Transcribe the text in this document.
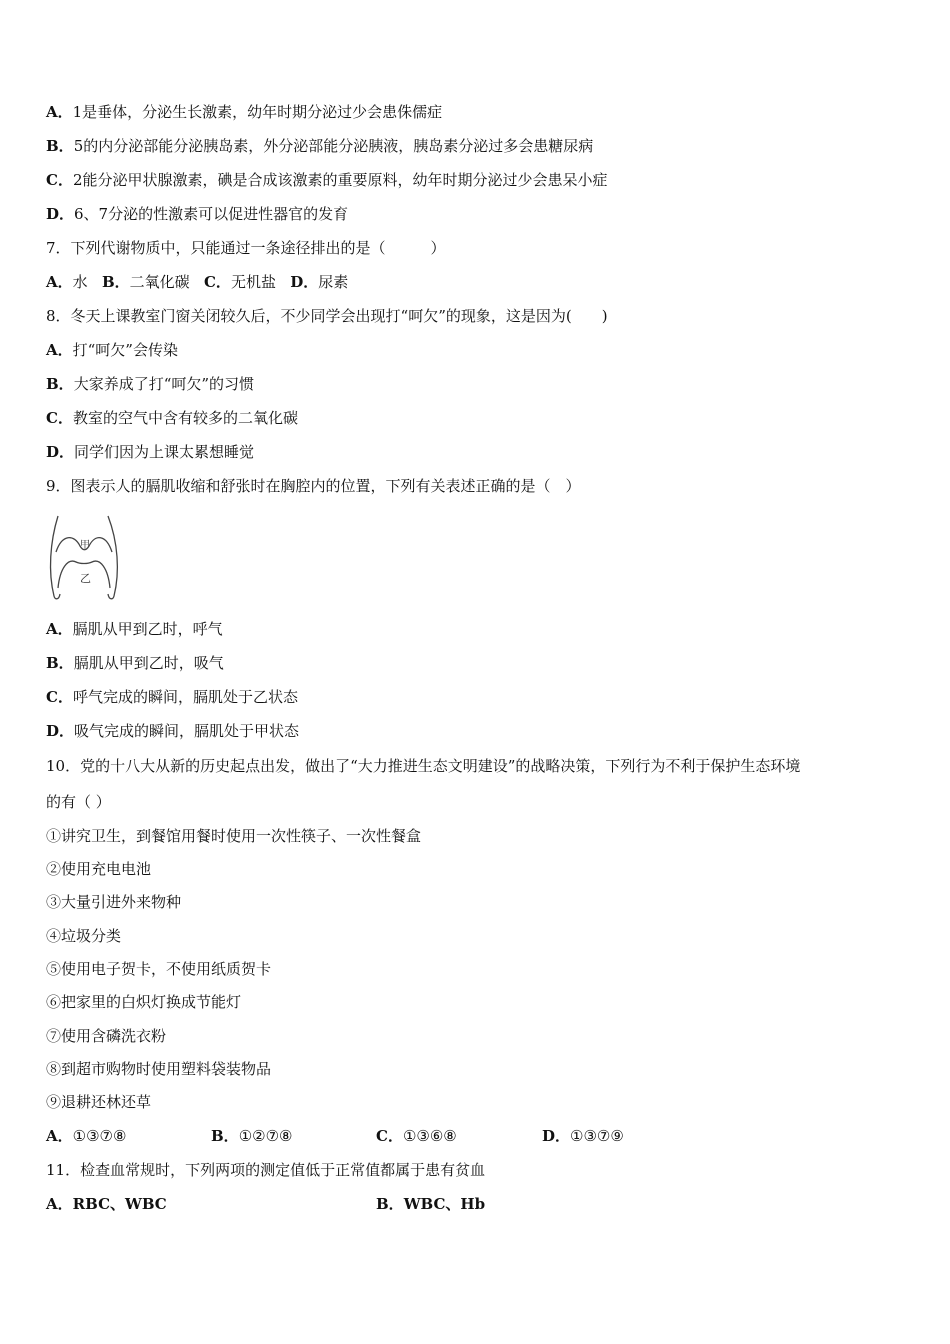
A．1是垂体，分泌生长激素，幼年时期分泌过少会患侏儒症
B．5的内分泌部能分泌胰岛素，外分泌部能分泌胰液，胰岛素分泌过多会患糖尿病
C．2能分泌甲状腺激素，碘是合成该激素的重要原料，幼年时期分泌过少会患呆小症
D．6、7分泌的性激素可以促进性器官的发育
7．下列代谢物质中，只能通过一条途径排出的是（　　　）
A．水 B．二氧化碳 C．无机盐 D．尿素
8．冬天上课教室门窗关闭较久后，不少同学会出现打“呵欠”的现象，这是因为(　　)
A．打“呵欠”会传染
B．大家养成了打“呵欠”的习惯
C．教室的空气中含有较多的二氧化碳
D．同学们因为上课太累想睡觉
9．图表示人的膈肌收缩和舒张时在胸腔内的位置，下列有关表述正确的是（　）
甲
乙
A．膈肌从甲到乙时，呼气
B．膈肌从甲到乙时，吸气
C．呼气完成的瞬间，膈肌处于乙状态
D．吸气完成的瞬间，膈肌处于甲状态
10．党的十八大从新的历史起点出发，做出了“大力推进生态文明建设”的战略决策，下列行为不利于保护生态环境
的有（ ）
①讲究卫生，到餐馆用餐时使用一次性筷子、一次性餐盒
②使用充电电池
③大量引进外来物种
④垃圾分类
⑤使用电子贺卡，不使用纸质贺卡
⑥把家里的白炽灯换成节能灯
⑦使用含磷洗衣粉
⑧到超市购物时使用塑料袋装物品
⑨退耕还林还草
A．①③⑦⑧	B．①②⑦⑧	C．①③⑥⑧	D．①③⑦⑨
11．检查血常规时，下列两项的测定值低于正常值都属于患有贫血
A．RBC、WBC	B．WBC、Hb
